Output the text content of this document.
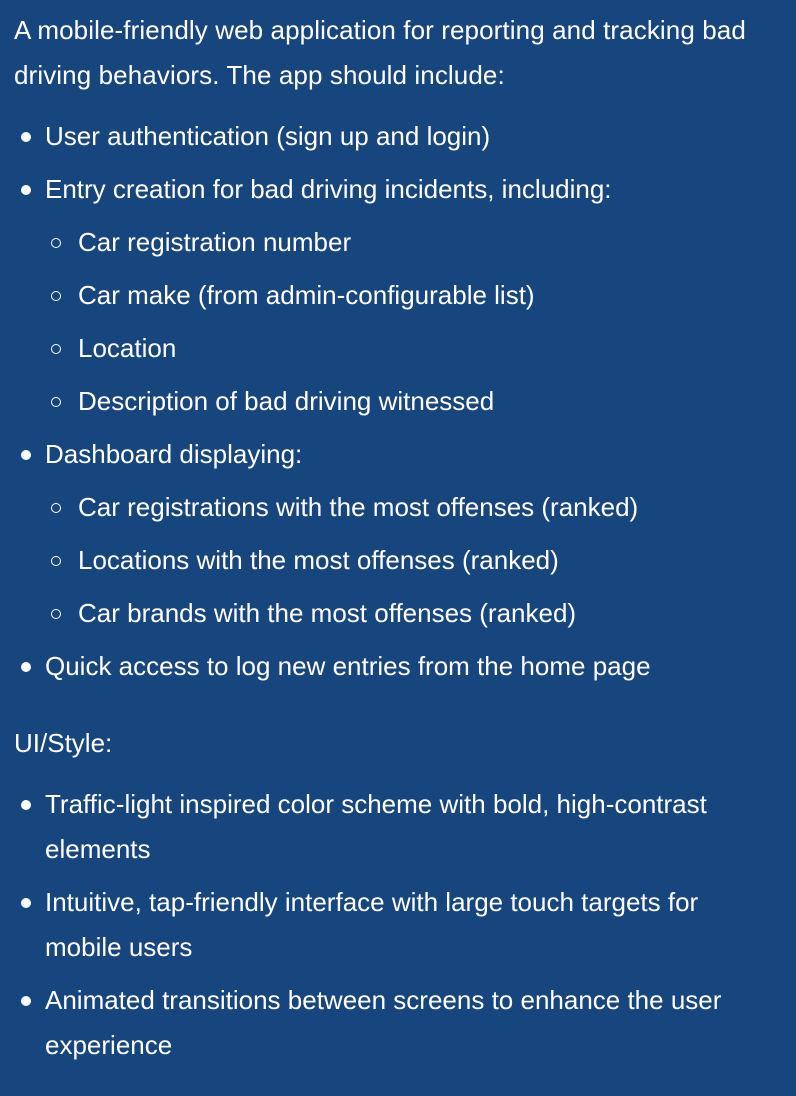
A mobile-friendly web application for reporting and tracking bad driving behaviors. The app should include:

User authentication (sign up and login)
Entry creation for bad driving incidents, including:
Car registration number
Car make (from admin-configurable list)
Location
Description of bad driving witnessed
Dashboard displaying:
Car registrations with the most offenses (ranked)
Locations with the most offenses (ranked)
Car brands with the most offenses (ranked)
Quick access to log new entries from the home page

UI/Style:

Traffic-light inspired color scheme with bold, high-contrast elements
Intuitive, tap-friendly interface with large touch targets for mobile users
Animated transitions between screens to enhance the user experience
